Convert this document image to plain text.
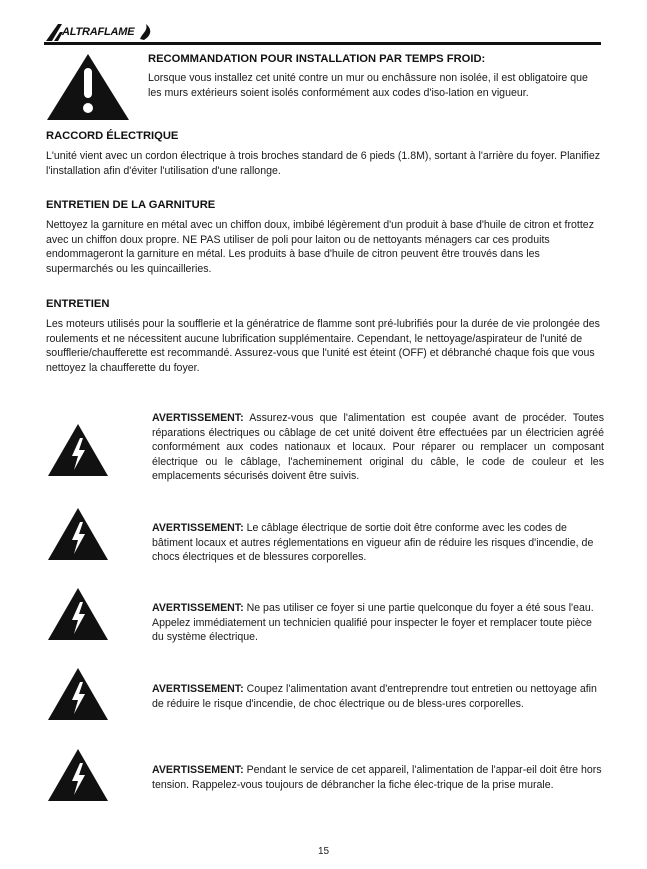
ALTRAFLAME

RECOMMANDATION POUR INSTALLATION PAR TEMPS FROID:

Lorsque vous installez cet unité contre un mur ou enchâssure non isolée, il est obligatoire que les murs extérieurs soient isolés conformément aux codes d'iso-lation en vigueur.

RACCORD ÉLECTRIQUE

L'unité vient avec un cordon électrique à trois broches standard de 6 pieds (1.8M), sortant à l'arrière du foyer. Planifiez l'installation afin d'éviter l'utilisation d'une rallonge.

ENTRETIEN DE LA GARNITURE

Nettoyez la garniture en métal avec un chiffon doux, imbibé légèrement d'un produit à base d'huile de citron et frottez avec un chiffon doux propre. NE PAS utiliser de poli pour laiton ou de nettoyants ménagers car ces produits endommageront la garniture en métal. Les produits à base d'huile de citron peuvent être trouvés dans les supermarchés ou les quincailleries.

ENTRETIEN

Les moteurs utilisés pour la soufflerie et la génératrice de flamme sont pré-lubrifiés pour la durée de vie prolongée des roulements et ne nécessitent aucune lubrification supplémentaire. Cependant, le nettoyage/aspirateur de l'unité de soufflerie/chaufferette est recommandé. Assurez-vous que l'unité est éteint (OFF) et débranché chaque fois que vous nettoyez la chaufferette du foyer.

AVERTISSEMENT: Assurez-vous que l'alimentation est coupée avant de procéder. Toutes réparations électriques ou câblage de cet unité doivent être effectuées par un électricien agréé conformément aux codes nationaux et locaux. Pour réparer ou remplacer un composant électrique ou le câblage, l'acheminement original du câble, le code de couleur et les emplacements sécurisés doivent être suivis.

AVERTISSEMENT: Le câblage électrique de sortie doit être conforme avec les codes de bâtiment locaux et autres réglementations en vigueur afin de réduire les risques d'incendie, de chocs électriques et de blessures corporelles.

AVERTISSEMENT: Ne pas utiliser ce foyer si une partie quelconque du foyer a été sous l'eau. Appelez immédiatement un technicien qualifié pour inspecter le foyer et remplacer toute pièce du système électrique.

AVERTISSEMENT: Coupez l'alimentation avant d'entreprendre tout entretien ou nettoyage afin de réduire le risque d'incendie, de choc électrique ou de bless-ures corporelles.

AVERTISSEMENT: Pendant le service de cet appareil, l'alimentation de l'appar-eil doit être hors tension. Rappelez-vous toujours de débrancher la fiche élec-trique de la prise murale.

15
